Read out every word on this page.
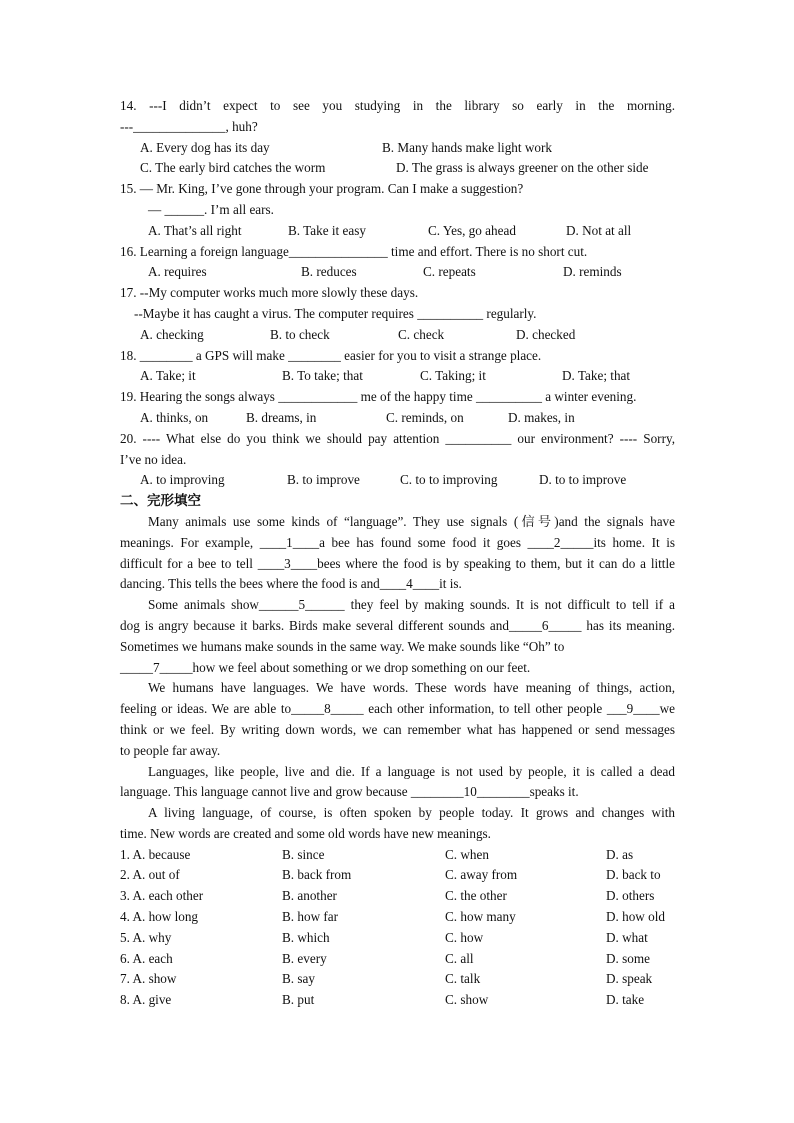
14. ---I didn’t expect to see you studying in the library so early in the morning.
---______________, huh?
A. Every dog has its day	B. Many hands make light work
C. The early bird catches the worm	D. The grass is always greener on the other side
15. — Mr. King, I’ve gone through your program. Can I make a suggestion?
— ______. I’m all ears.
A. That’s all right	B. Take it easy	C. Yes, go ahead	D. Not at all
16. Learning a foreign language_______________ time and effort. There is no short cut.
A. requires	B. reduces	C. repeats	D. reminds
17. --My computer works much more slowly these days.
--Maybe it has caught a virus. The computer requires __________ regularly.
A. checking	B. to check	C. check	D. checked
18. ________ a GPS will make ________ easier for you to visit a strange place.
A. Take; it	B. To take; that	C. Taking; it	D. Take; that
19. Hearing the songs always ____________ me of the happy time __________ a winter evening.
A. thinks, on	B. dreams, in	C. reminds, on	D. makes, in
20. ---- What else do you think we should pay attention __________ our environment? ---- Sorry,
I’ve no idea.
A. to improving	B. to improve	C. to to improving	D. to to improve
二、完形填空
Many animals use some kinds of “language”. They use signals (信号)and the signals have
meanings. For example, ____1____a bee has found some food it goes ____2_____its home. It is
difficult for a bee to tell ____3____bees where the food is by speaking to them, but it can do a little
dancing. This tells the bees where the food is and____4____it is.
Some animals show______5______ they feel by making sounds. It is not difficult to tell if a
dog is angry because it barks. Birds make several different sounds and_____6_____ has its meaning.
Sometimes we humans make sounds in the same way. We make sounds like “Oh” to
_____7_____how we feel about something or we drop something on our feet.
We humans have languages. We have words. These words have meaning of things, action,
feeling or ideas. We are able to_____8_____ each other information, to tell other people ___9____we
think or we feel. By writing down words, we can remember what has happened or send messages
to people far away.
Languages, like people, live and die. If a language is not used by people, it is called a dead
language. This language cannot live and grow because ________10________speaks it.
A living language, of course, is often spoken by people today. It grows and changes with
time. New words are created and some old words have new meanings.
1. A. because	B. since	C. when	D. as
2. A. out of	B. back from	C. away from	D. back to
3. A. each other	B. another	C. the other	D. others
4. A. how long	B. how far	C. how many	D. how old
5. A. why	B. which	C. how	D. what
6. A. each	B. every	C. all	D. some
7. A. show	B. say	C. talk	D. speak
8. A. give	B. put	C. show	D. take
